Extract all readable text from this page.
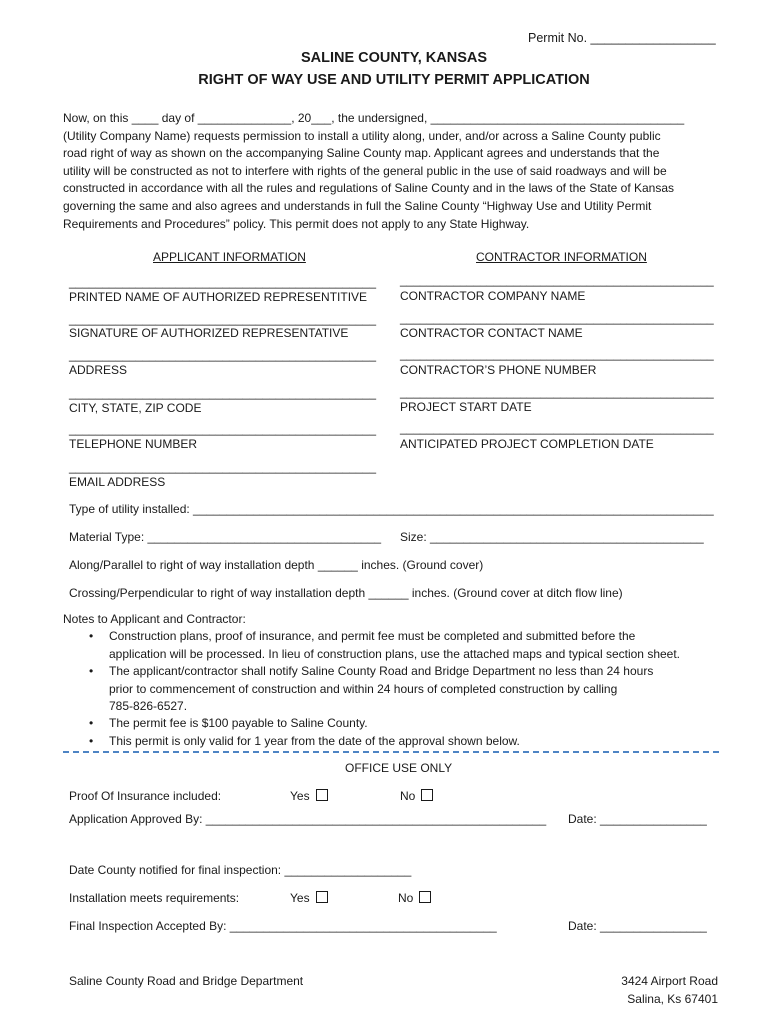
Permit No. __________________
SALINE COUNTY, KANSAS
RIGHT OF WAY USE AND UTILITY PERMIT APPLICATION
Now, on this ____ day of ______________, 20___, the undersigned, ______________________________________
(Utility Company Name) requests permission to install a utility along, under, and/or across a Saline County public
road right of way as shown on the accompanying Saline County map. Applicant agrees and understands that the
utility will be constructed as not to interfere with rights of the general public in the use of said roadways and will be
constructed in accordance with all the rules and regulations of Saline County and in the laws of the State of Kansas
governing the same and also agrees and understands in full the Saline County “Highway Use and Utility Permit
Requirements and Procedures” policy. This permit does not apply to any State Highway.
APPLICANT INFORMATION
______________________________________________
PRINTED NAME OF AUTHORIZED REPRESENTITIVE
______________________________________________
SIGNATURE OF AUTHORIZED REPRESENTATIVE
______________________________________________
ADDRESS
______________________________________________
CITY, STATE, ZIP CODE
______________________________________________
TELEPHONE NUMBER
______________________________________________
EMAIL ADDRESS
CONTRACTOR INFORMATION
_______________________________________________
CONTRACTOR COMPANY NAME
_______________________________________________
CONTRACTOR CONTACT NAME
_______________________________________________
CONTRACTOR’S PHONE NUMBER
_______________________________________________
PROJECT START DATE
_______________________________________________
ANTICIPATED PROJECT COMPLETION DATE
Type of utility installed: ______________________________________________________________________________
Material Type: ___________________________________ Size: _________________________________________
Along/Parallel to right of way installation depth ______ inches. (Ground cover)
Crossing/Perpendicular to right of way installation depth ______ inches. (Ground cover at ditch flow line)
Notes to Applicant and Contractor:
• Construction plans, proof of insurance, and permit fee must be completed and submitted before the
application will be processed. In lieu of construction plans, use the attached maps and typical section sheet.
• The applicant/contractor shall notify Saline County Road and Bridge Department no less than 24 hours
prior to commencement of construction and within 24 hours of completed construction by calling
785-826-6527.
• The permit fee is $100 payable to Saline County.
• This permit is only valid for 1 year from the date of the approval shown below.
OFFICE USE ONLY
Proof Of Insurance included:	Yes	No
Application Approved By: ___________________________________________________ Date: ________________
Date County notified for final inspection: ___________________
Installation meets requirements:	Yes	No
Final Inspection Accepted By: ________________________________________	Date: ________________
Saline County Road and Bridge Department	3424 Airport Road
Salina, Ks 67401
